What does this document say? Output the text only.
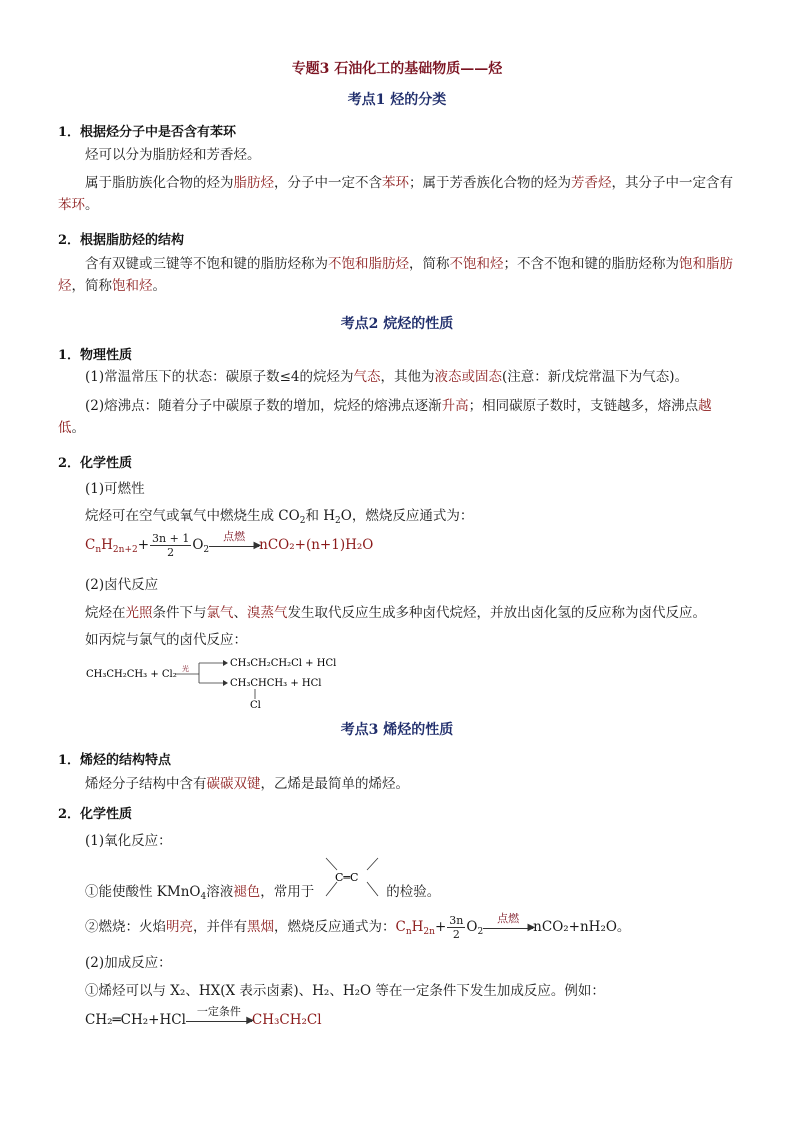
专题3 石油化工的基础物质——烃
考点1 烃的分类
1．根据烃分子中是否含有苯环
烃可以分为脂肪烃和芳香烃。
属于脂肪族化合物的烃为脂肪烃，分子中一定不含苯环；属于芳香族化合物的烃为芳香烃，其分子中一定含有苯环。
2．根据脂肪烃的结构
含有双键或三键等不饱和键的脂肪烃称为不饱和脂肪烃，简称不饱和烃；不含不饱和键的脂肪烃称为饱和脂肪烃，简称饱和烃。
考点2 烷烃的性质
1．物理性质
(1)常温常压下的状态：碳原子数≤4的烷烃为气态，其他为液态或固态(注意：新戊烷常温下为气态)。
(2)熔沸点：随着分子中碳原子数的增加，烷烃的熔沸点逐渐升高；相同碳原子数时，支链越多，熔沸点越低。
2．化学性质
(1)可燃性
烷烃可在空气或氧气中燃烧生成 $CO_2$和 $H_2O$，燃烧反应通式为：
$C_nH_{2n+2}+ \frac{3n + 1}{2} O_2$
点燃
▶
nCO₂+(n+1)H₂O
(2)卤代反应
烷烃在光照条件下与氯气、溴蒸气发生取代反应生成多种卤代烷烃，并放出卤化氢的反应称为卤代反应。
如丙烷与氯气的卤代反应：
CH₃CH₂CH₃ + Cl₂ 光	CH₃CH₂CH₂Cl + HCl
CH₃CHCH₃ + HCl
Cl
考点3 烯烃的性质
1．烯烃的结构特点
烯烃分子结构中含有碳碳双键，乙烯是最简单的烯烃。
2．化学性质
(1)氧化反应：
①能使酸性 KMnO$_4$溶液褪色，常用于	的检验。
C═C
②燃烧：火焰明亮，并伴有黑烟，燃烧反应通式为：$C_nH_{2n}+ \frac{3n}{2} O_2$
点燃
▶
nCO₂+nH₂O。
(2)加成反应：
①烯烃可以与 X₂、HX(X 表示卤素)、H₂、H₂O 等在一定条件下发生加成反应。例如：
CH₂═CH₂+HCl
一定条件
▶
CH₃CH₂Cl
